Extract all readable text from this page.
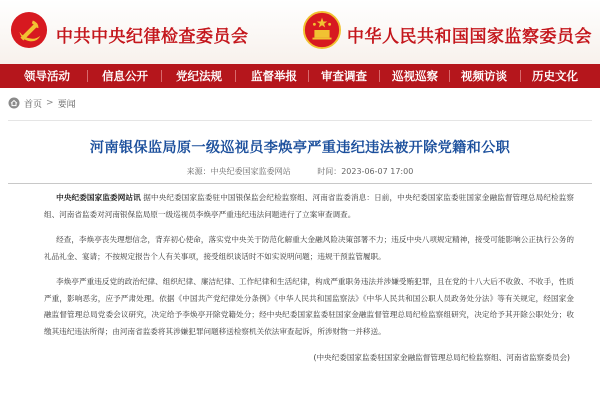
中共中央纪律检查委员会	中华人民共和国国家监察委员会
领导活动	信息公开	党纪法规	监督举报	审查调查	巡视巡察	视频访谈	历史文化
首页 > 要闻
河南银保监局原一级巡视员李焕亭严重违纪违法被开除党籍和公职
来源：中央纪委国家监委网站	时间：2023-06-07 17:00
中央纪委国家监委网站讯 据中央纪委国家监委驻中国银保监会纪检监察组、河南省监委消息：日前，中央纪委国家监委驻国家金融监督管理总局纪检监察组、河南省监委对河南银保监局原一级巡视员李焕亭严重违纪违法问题进行了立案审查调查。
经查，李焕亭丧失理想信念，背弃初心使命，落实党中央关于防范化解重大金融风险决策部署不力；违反中央八项规定精神，接受可能影响公正执行公务的礼品礼金、宴请；不按规定报告个人有关事项，接受组织谈话时不如实说明问题；违规干预监管履职。
李焕亭严重违反党的政治纪律、组织纪律、廉洁纪律、工作纪律和生活纪律，构成严重职务违法并涉嫌受贿犯罪，且在党的十八大后不收敛、不收手，性质严重，影响恶劣，应予严肃处理。依据《中国共产党纪律处分条例》《中华人民共和国监察法》《中华人民共和国公职人员政务处分法》等有关规定，经国家金融监督管理总局党委会议研究，决定给予李焕亭开除党籍处分；经中央纪委国家监委驻国家金融监督管理总局纪检监察组研究，决定给予其开除公职处分；收缴其违纪违法所得；由河南省监委将其涉嫌犯罪问题移送检察机关依法审查起诉，所涉财物一并移送。
(中央纪委国家监委驻国家金融监督管理总局纪检监察组、河南省监察委员会)
